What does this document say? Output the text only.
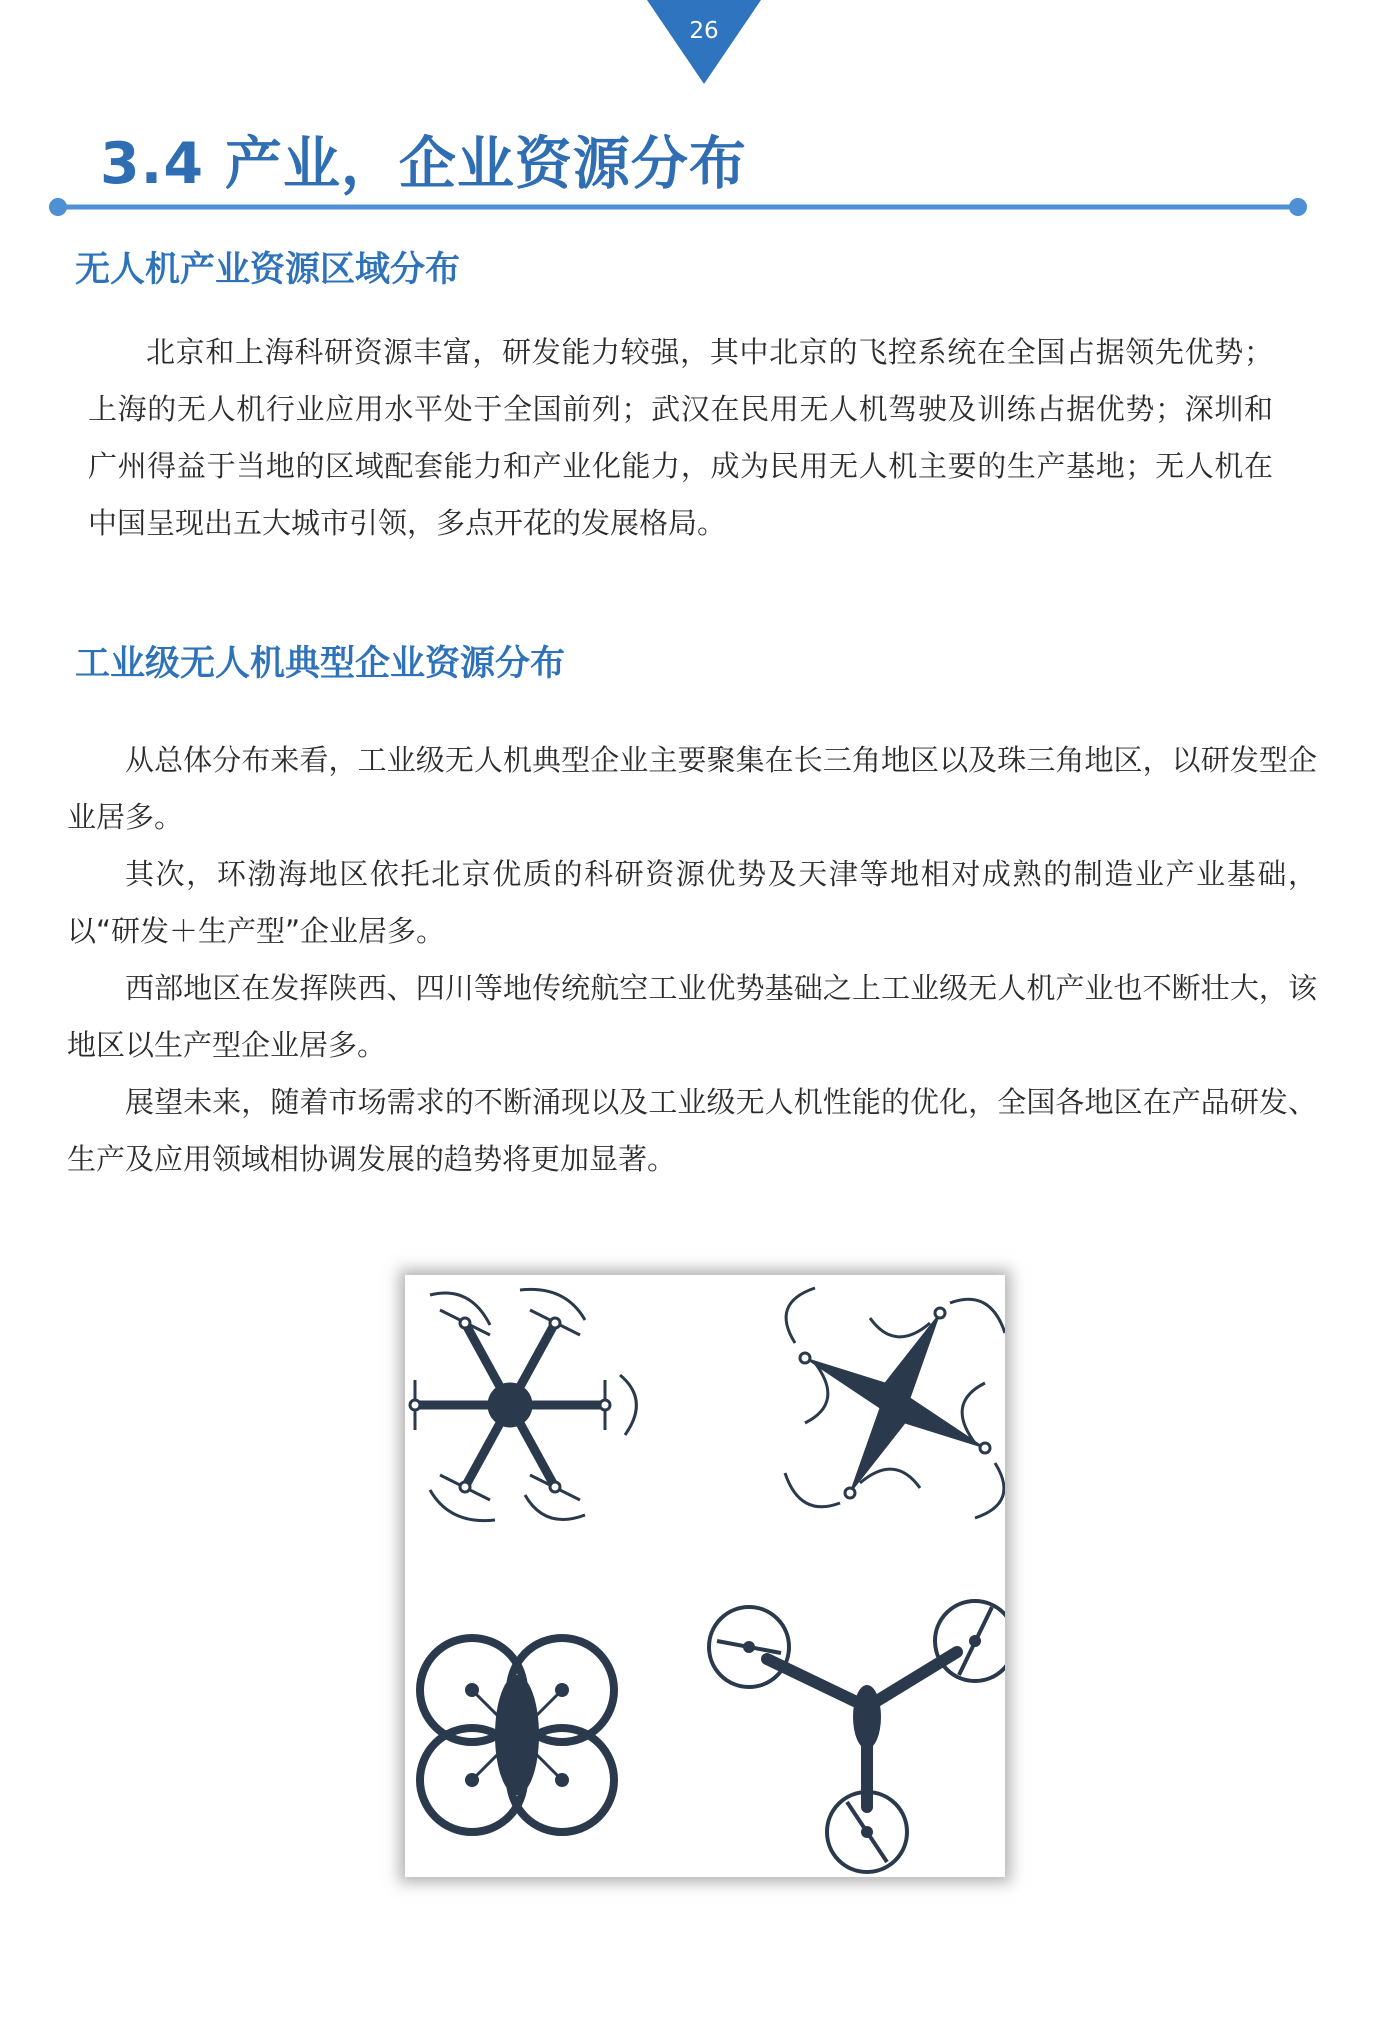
26
3.4 产业，企业资源分布
无人机产业资源区域分布

北京和上海科研资源丰富，研发能力较强，其中北京的飞控系统在全国占据领先优势；上海的无人机行业应用水平处于全国前列；武汉在民用无人机驾驶及训练占据优势；深圳和广州得益于当地的区域配套能力和产业化能力，成为民用无人机主要的生产基地；无人机在中国呈现出五大城市引领，多点开花的发展格局。

工业级无人机典型企业资源分布

从总体分布来看，工业级无人机典型企业主要聚集在长三角地区以及珠三角地区，以研发型企业居多。

其次，环渤海地区依托北京优质的科研资源优势及天津等地相对成熟的制造业产业基础，以“研发＋生产型”企业居多。

西部地区在发挥陕西、四川等地传统航空工业优势基础之上工业级无人机产业也不断壮大，该地区以生产型企业居多。

展望未来，随着市场需求的不断涌现以及工业级无人机性能的优化，全国各地区在产品研发、生产及应用领域相协调发展的趋势将更加显著。
